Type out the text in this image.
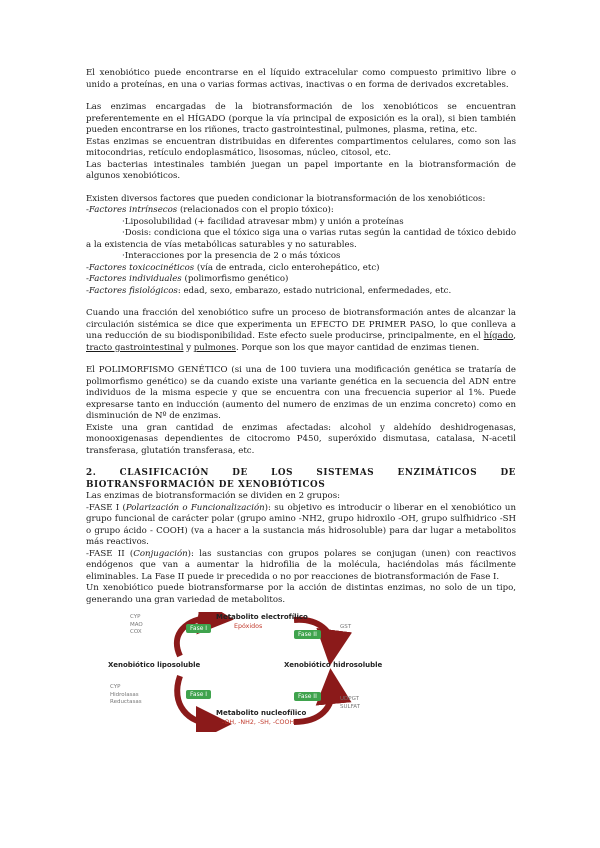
El xenobiótico puede encontrarse en el líquido extracelular como compuesto primitivo libre o unido a proteínas, en una o varias formas activas, inactivas o en forma de derivados excretables.

Las enzimas encargadas de la biotransformación de los xenobióticos se encuentran preferentemente en el HÍGADO (porque la vía principal de exposición es la oral), si bien también pueden encontrarse en los riñones, tracto gastrointestinal, pulmones, plasma, retina, etc.

Estas enzimas se encuentran distribuidas en diferentes compartimentos celulares, como son las mitocondrias, retículo endoplasmático, lisosomas, núcleo, citosol, etc.

Las bacterias intestinales también juegan un papel importante en la biotransformación de algunos xenobióticos.

Existen diversos factores que pueden condicionar la biotransformación de los xenobióticos:

-Factores intrínsecos (relacionados con el propio tóxico):

·Liposolubilidad (+ facilidad atravesar mbm) y unión a proteínas

·Dosis: condiciona que el tóxico siga una o varias rutas según la cantidad de tóxico debido a la existencia de vías metabólicas saturables y no saturables.

·Interacciones por la presencia de 2 o más tóxicos

-Factores toxicocinéticos (vía de entrada, ciclo enterohepático, etc)

-Factores individuales (polimorfismo genético)

-Factores fisiológicos: edad, sexo, embarazo, estado nutricional, enfermedades, etc.

Cuando una fracción del xenobiótico sufre un proceso de biotransformación antes de alcanzar la circulación sistémica se dice que experimenta un EFECTO DE PRIMER PASO, lo que conlleva a una reducción de su biodisponibilidad. Este efecto suele producirse, principalmente, en el hígado, tracto gastrointestinal y pulmones. Porque son los que mayor cantidad de enzimas tienen.

El POLIMORFISMO GENÉTICO (si una de 100 tuviera una modificación genética se trataría de polimorfismo genético) se da cuando existe una variante genética en la secuencia del ADN entre individuos de la misma especie y que se encuentra con una frecuencia superior al 1%. Puede expresarse tanto en inducción (aumento del numero de enzimas de un enzima concreto) como en disminución de Nº de enzimas.

Existe una gran cantidad de enzimas afectadas: alcohol y aldehído deshidrogenasas, monooxigenasas dependientes de citocromo P450, superóxido dismutasa, catalasa, N-acetil transferasa, glutatión transferasa, etc.

2. CLASIFICACIÓN DE LOS SISTEMAS ENZIMÁTICOS DE BIOTRANSFORMACIÓN DE XENOBIÓTICOS

Las enzimas de biotransformación se dividen en 2 grupos:

-FASE I (Polarización o Funcionalización): su objetivo es introducir o liberar en el xenobiótico un grupo funcional de carácter polar (grupo amino -NH2, grupo hidroxilo -OH, grupo sulfhidrico -SH o grupo ácido - COOH) (va a hacer a la sustancia más hidrosoluble) para dar lugar a metabolitos más reactivos.

-FASE II (Conjugación): las sustancias con grupos polares se conjugan (unen) con reactivos endógenos que van a aumentar la hidrofilia de la molécula, haciéndolas más fácilmente eliminables. La Fase II puede ir precedida o no por reacciones de biotransformación de Fase I.

Un xenobiótico puede biotransformarse por la acción de distintas enzimas, no solo de un tipo, generando una gran variedad de metabolitos.

CYP
MAO
COX	Fase I
Metabolito electrofílico
Epóxidos
Fase II
GST
Xenobiótico liposoluble	Xenobiótico hidrosoluble
CYP
Hidrolasas
Reductasas
Fase I
Metabolito nucleofílico
-OH, -NH2, -SH, -COOH
Fase II	UDPGT
SULFAT
